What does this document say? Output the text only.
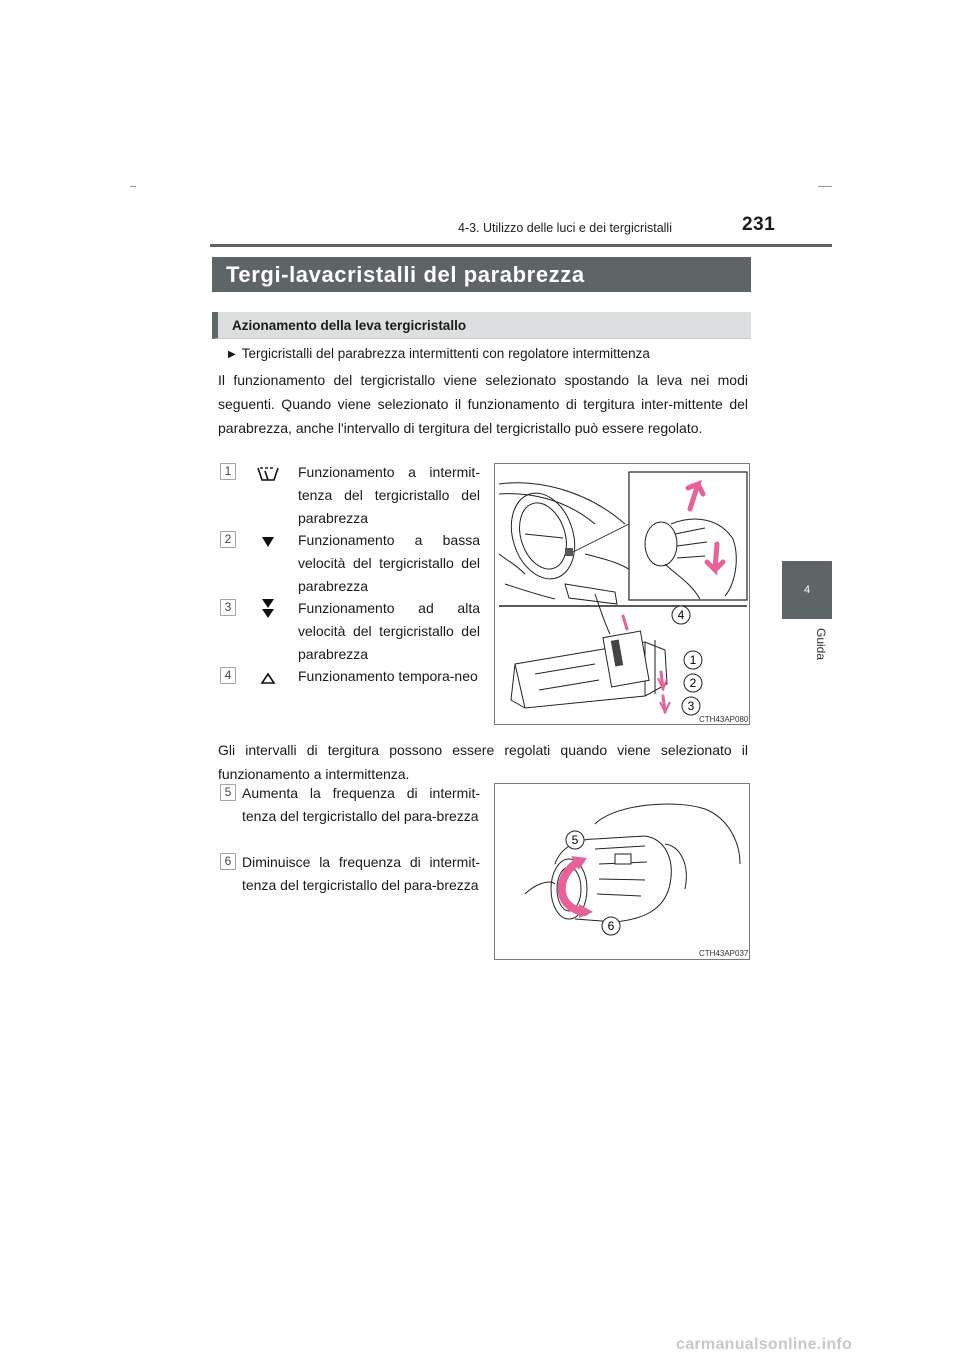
4-3. Utilizzo delle luci e dei tergicristalli	231
4
Guida
Tergi-lavacristalli del parabrezza
Azionamento della leva tergicristallo
▶ Tergicristalli del parabrezza intermittenti con regolatore intermittenza
Il funzionamento del tergicristallo viene selezionato spostando la leva nei modi seguenti. Quando viene selezionato il funzionamento di tergitura inter-mittente del parabrezza, anche l'intervallo di tergitura del tergicristallo può essere regolato.
1	Funzionamento a intermit-tenza del tergicristallo del parabrezza
2	Funzionamento a bassa velocità del tergicristallo del parabrezza
3	Funzionamento ad alta velocità del tergicristallo del parabrezza
4	Funzionamento tempora-neo
4
1
2
3
CTH43AP080
Gli intervalli di tergitura possono essere regolati quando viene selezionato il funzionamento a intermittenza.
5 Aumenta la frequenza di intermit-tenza del tergicristallo del para-brezza
6 Diminuisce la frequenza di intermit-tenza del tergicristallo del para-brezza
5
6
CTH43AP037
carmanualsonline.info
